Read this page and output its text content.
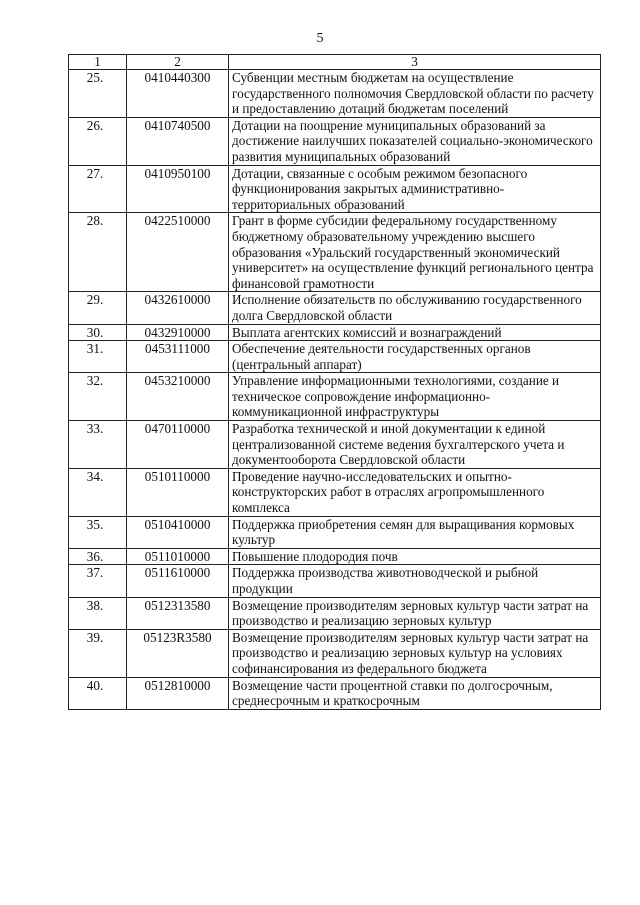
5
1	2	3
25.	0410440300	Субвенции местным бюджетам на осуществление государственного полномочия Свердловской области по расчету и предоставлению дотаций бюджетам поселений
26.	0410740500	Дотации на поощрение муниципальных образований за достижение наилучших показателей социально-экономического развития муниципальных образований
27.	0410950100	Дотации, связанные с особым режимом безопасного функционирования закрытых административно-территориальных образований
28.	0422510000	Грант в форме субсидии федеральному государственному бюджетному образовательному учреждению высшего образования «Уральский государственный экономический университет» на осуществление функций регионального центра финансовой грамотности
29.	0432610000	Исполнение обязательств по обслуживанию государственного долга Свердловской области
30.	0432910000	Выплата агентских комиссий и вознаграждений
31.	0453111000	Обеспечение деятельности государственных органов (центральный аппарат)
32.	0453210000	Управление информационными технологиями, создание и техническое сопровождение информационно-коммуникационной инфраструктуры
33.	0470110000	Разработка технической и иной документации к единой централизованной системе ведения бухгалтерского учета и документооборота Свердловской области
34.	0510110000	Проведение научно-исследовательских и опытно-конструкторских работ в отраслях агропромышленного комплекса
35.	0510410000	Поддержка приобретения семян для выращивания кормовых культур
36.	0511010000	Повышение плодородия почв
37.	0511610000	Поддержка производства животноводческой и рыбной продукции
38.	0512313580	Возмещение производителям зерновых культур части затрат на производство и реализацию зерновых культур
39.	05123R3580	Возмещение производителям зерновых культур части затрат на производство и реализацию зерновых культур на условиях софинансирования из федерального бюджета
40.	0512810000	Возмещение части процентной ставки по долгосрочным, среднесрочным и краткосрочным
